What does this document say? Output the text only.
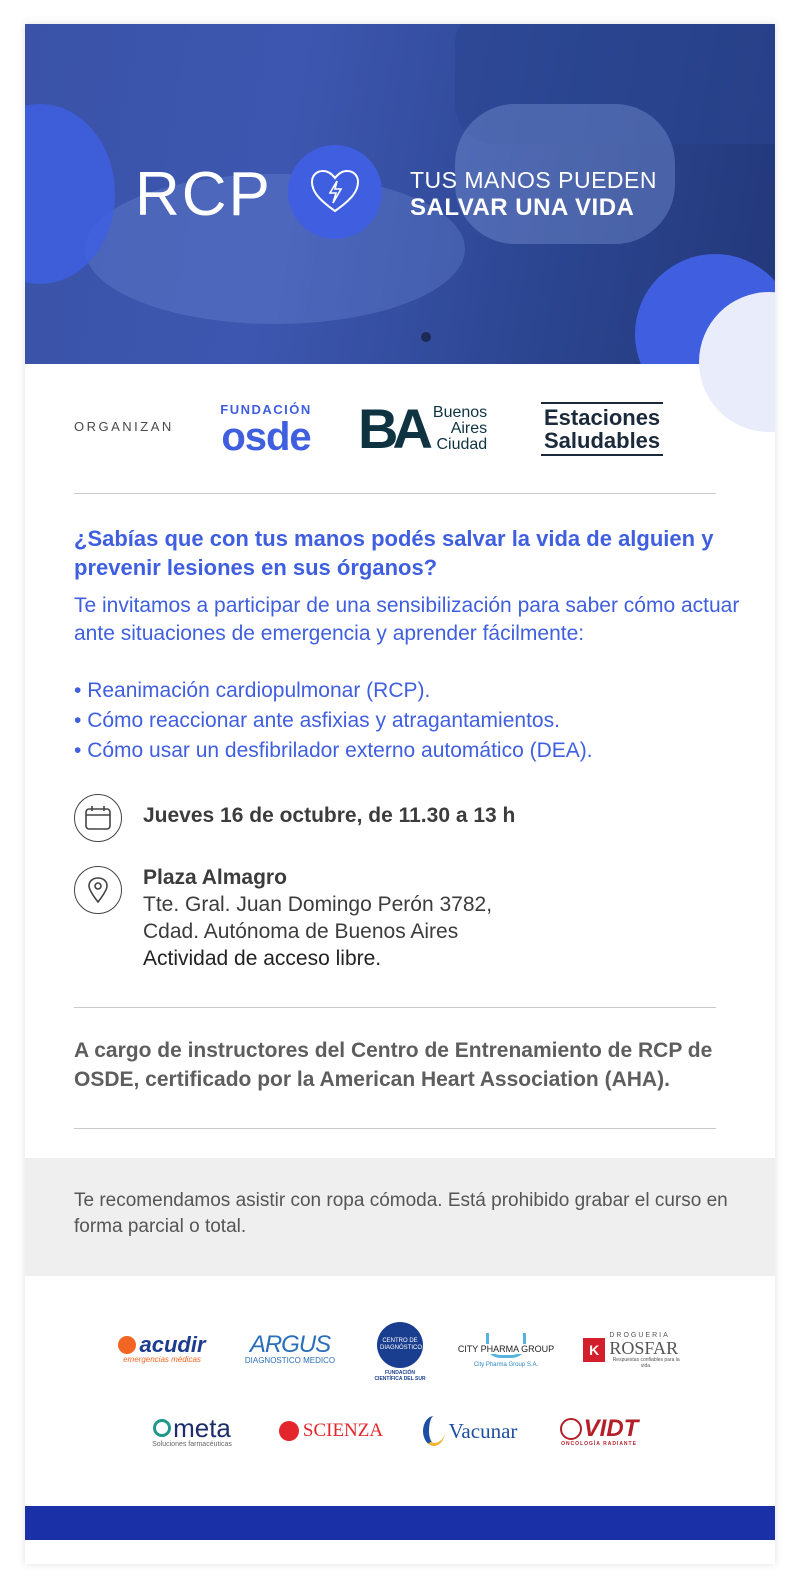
RCP	TUS MANOS PUEDEN
SALVAR UNA VIDA
ORGANIZAN
FUNDACIÓN
osde BA Buenos
Aires
Ciudad
Estaciones
Saludables
¿Sabías que con tus manos podés salvar la vida de alguien y prevenir lesiones en sus órganos?
Te invitamos a participar de una sensibilización para saber cómo actuar ante situaciones de emergencia y aprender fácilmente:
• Reanimación cardiopulmonar (RCP).
• Cómo reaccionar ante asfixias y atragantamientos.
• Cómo usar un desfibrilador externo automático (DEA).
Jueves 16 de octubre, de 11.30 a 13 h
Plaza Almagro
Tte. Gral. Juan Domingo Perón 3782,
Cdad. Autónoma de Buenos Aires
Actividad de acceso libre.
A cargo de instructores del Centro de Entrenamiento de RCP de OSDE, certificado por la American Heart Association (AHA).
Te recomendamos asistir con ropa cómoda. Está prohibido grabar el curso en forma parcial o total.
acudir
emergencias médicas
ARGUS
DIAGNOSTICO MEDICO
CENTRO DE DIAGNÓSTICO
FUNDACIÓN
CIENTÍFICA DEL SUR
CITY PHARMA GROUP
City Pharma Group S.A.
K
DROGUERIA
ROSFAR
Respuestas confiables para la vida.
meta
Soluciones farmacéuticas
SCIENZA	Vacunar	VIDT
ONCOLOGÍA RADIANTE
